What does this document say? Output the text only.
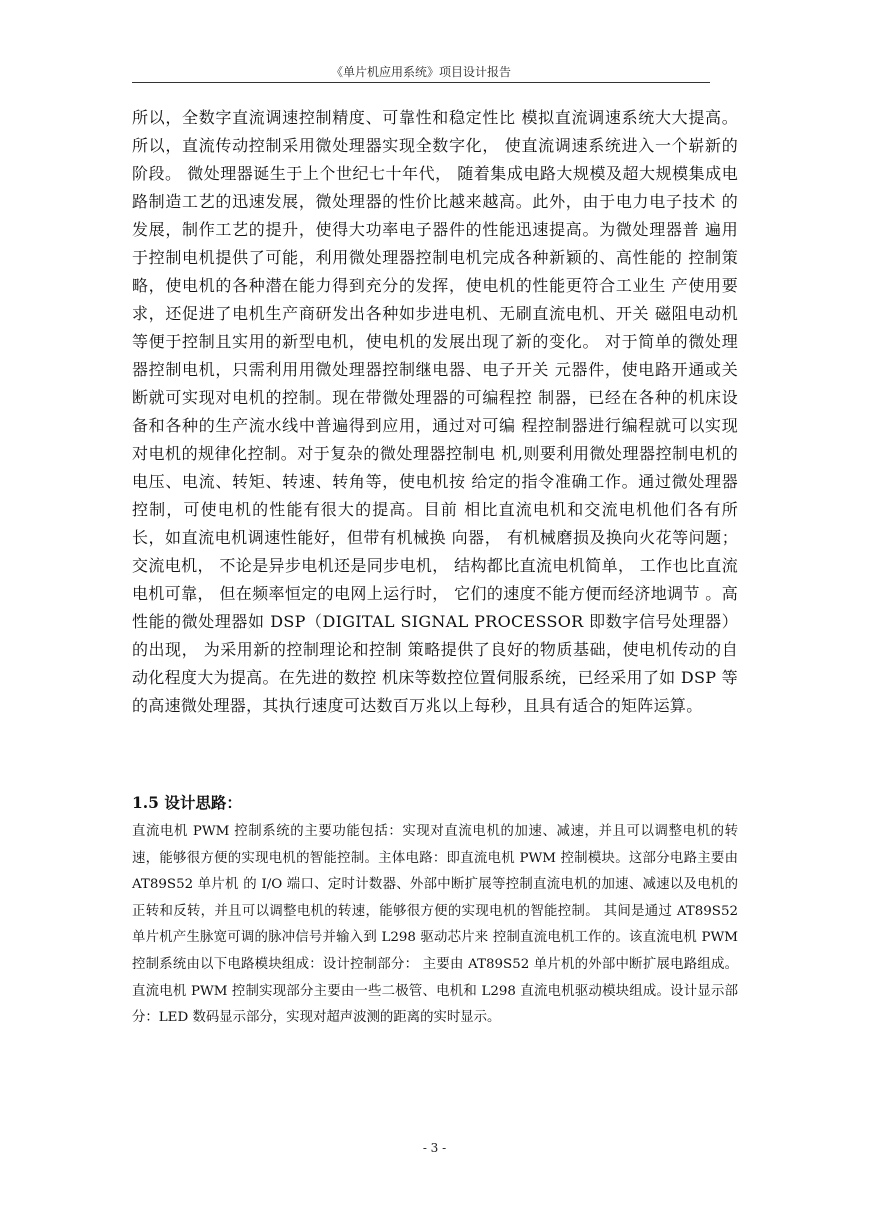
《单片机应用系统》项目设计报告

所以，全数字直流调速控制精度、可靠性和稳定性比 模拟直流调速系统大大提高。所以，直流传动控制采用微处理器实现全数字化， 使直流调速系统进入一个崭新的阶段。 微处理器诞生于上个世纪七十年代， 随着集成电路大规模及超大规模集成电 路制造工艺的迅速发展，微处理器的性价比越来越高。此外，由于电力电子技术 的发展，制作工艺的提升，使得大功率电子器件的性能迅速提高。为微处理器普 遍用于控制电机提供了可能，利用微处理器控制电机完成各种新颖的、高性能的 控制策略，使电机的各种潜在能力得到充分的发挥，使电机的性能更符合工业生 产使用要求，还促进了电机生产商研发出各种如步进电机、无刷直流电机、开关 磁阻电动机等便于控制且实用的新型电机，使电机的发展出现了新的变化。 对于简单的微处理器控制电机，只需利用用微处理器控制继电器、电子开关 元器件，使电路开通或关断就可实现对电机的控制。现在带微处理器的可编程控 制器，已经在各种的机床设备和各种的生产流水线中普遍得到应用，通过对可编 程控制器进行编程就可以实现对电机的规律化控制。对于复杂的微处理器控制电 机,则要利用微处理器控制电机的电压、电流、转矩、转速、转角等，使电机按 给定的指令准确工作。通过微处理器控制，可使电机的性能有很大的提高。目前 相比直流电机和交流电机他们各有所长，如直流电机调速性能好，但带有机械换 向器， 有机械磨损及换向火花等问题； 交流电机， 不论是异步电机还是同步电机， 结构都比直流电机简单， 工作也比直流电机可靠， 但在频率恒定的电网上运行时， 它们的速度不能方便而经济地调节 。高性能的微处理器如 DSP（DIGITAL SIGNAL PROCESSOR 即数字信号处理器）的出现， 为采用新的控制理论和控制 策略提供了良好的物质基础，使电机传动的自动化程度大为提高。在先进的数控 机床等数控位置伺服系统，已经采用了如 DSP 等的高速微处理器，其执行速度可达数百万兆以上每秒，且具有适合的矩阵运算。

1.5 设计思路：

直流电机 PWM 控制系统的主要功能包括：实现对直流电机的加速、减速，并且可以调整电机的转速，能够很方便的实现电机的智能控制。主体电路：即直流电机 PWM 控制模块。这部分电路主要由 AT89S52 单片机 的 I/O 端口、定时计数器、外部中断扩展等控制直流电机的加速、减速以及电机的正转和反转，并且可以调整电机的转速，能够很方便的实现电机的智能控制。 其间是通过 AT89S52 单片机产生脉宽可调的脉冲信号并输入到 L298 驱动芯片来 控制直流电机工作的。该直流电机 PWM 控制系统由以下电路模块组成：设计控制部分： 主要由 AT89S52 单片机的外部中断扩展电路组成。直流电机 PWM 控制实现部分主要由一些二极管、电机和 L298 直流电机驱动模块组成。设计显示部分：LED 数码显示部分，实现对超声波测的距离的实时显示。

- 3 -
